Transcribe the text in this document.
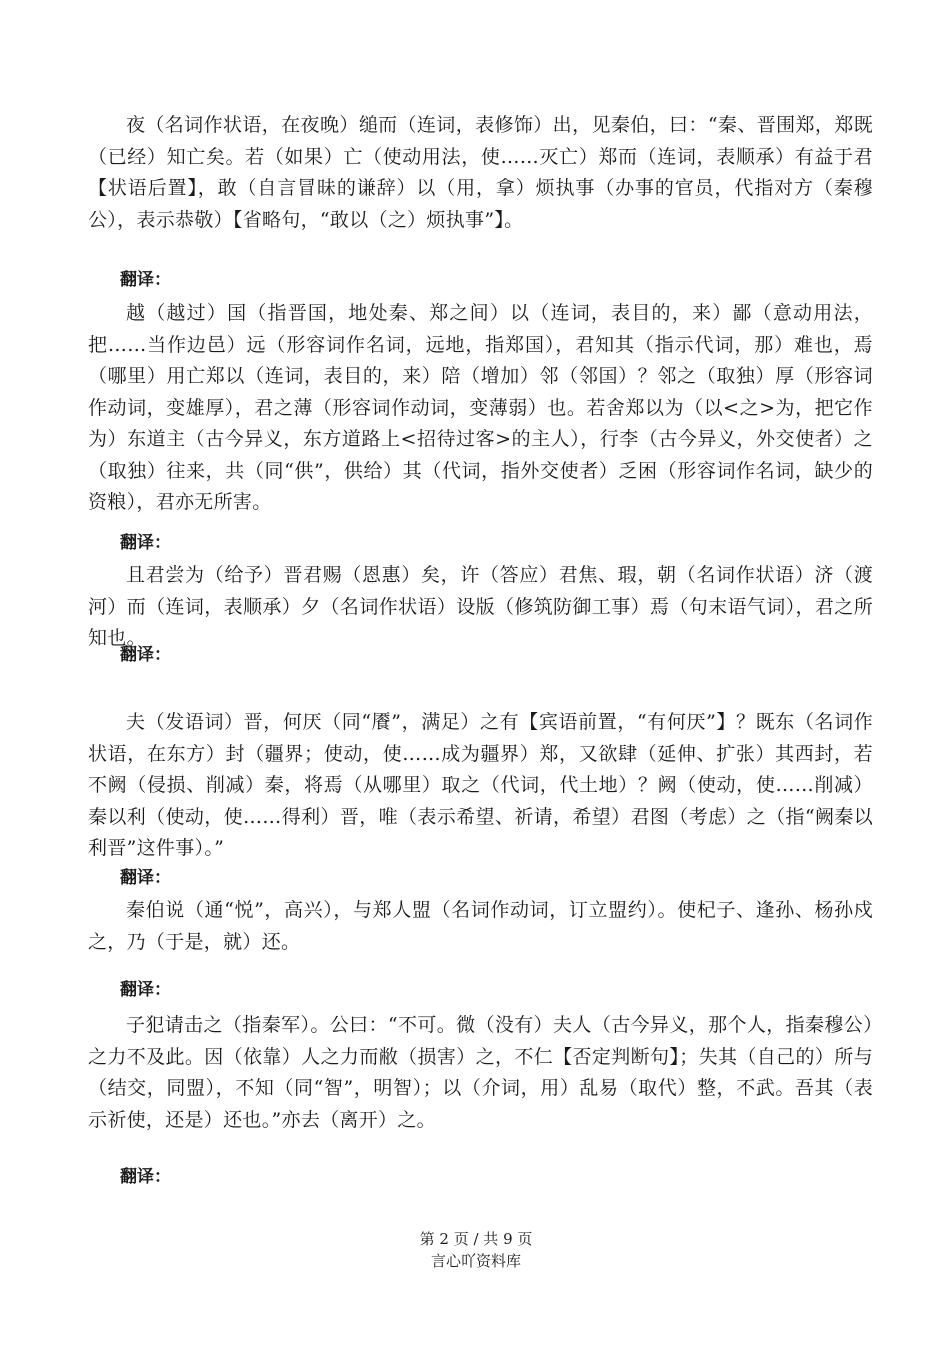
夜（名词作状语，在夜晚）缒而（连词，表修饰）出，见秦伯，曰：“秦、晋围郑，郑既（已经）知亡矣。若（如果）亡（使动用法，使……灭亡）郑而（连词，表顺承）有益于君【状语后置】，敢（自言冒昧的谦辞）以（用，拿）烦执事（办事的官员，代指对方（秦穆公），表示恭敬）【省略句，“敢以（之）烦执事”】。

翻译：

越（越过）国（指晋国，地处秦、郑之间）以（连词，表目的，来）鄙（意动用法，把……当作边邑）远（形容词作名词，远地，指郑国），君知其（指示代词，那）难也，焉（哪里）用亡郑以（连词，表目的，来）陪（增加）邻（邻国）？邻之（取独）厚（形容词作动词，变雄厚），君之薄（形容词作动词，变薄弱）也。若舍郑以为（以<之>为，把它作为）东道主（古今异义，东方道路上<招待过客>的主人），行李（古今异义，外交使者）之（取独）往来，共（同“供”，供给）其（代词，指外交使者）乏困（形容词作名词，缺少的资粮），君亦无所害。

翻译：

且君尝为（给予）晋君赐（恩惠）矣，许（答应）君焦、瑕，朝（名词作状语）济（渡河）而（连词，表顺承）夕（名词作状语）设版（修筑防御工事）焉（句末语气词），君之所知也。

翻译：

夫（发语词）晋，何厌（同“餍”，满足）之有【宾语前置，“有何厌”】？既东（名词作状语，在东方）封（疆界；使动，使……成为疆界）郑，又欲肆（延伸、扩张）其西封，若不阙（侵损、削减）秦，将焉（从哪里）取之（代词，代土地）？阙（使动，使……削减）秦以利（使动，使……得利）晋，唯（表示希望、祈请，希望）君图（考虑）之（指“阙秦以利晋”这件事）。”

翻译：

秦伯说（通“悦”，高兴），与郑人盟（名词作动词，订立盟约）。使杞子、逢孙、杨孙戍之，乃（于是，就）还。

翻译：

子犯请击之（指秦军）。公曰：“不可。微（没有）夫人（古今异义，那个人，指秦穆公）之力不及此。因（依靠）人之力而敝（损害）之，不仁【否定判断句】；失其（自己的）所与（结交，同盟），不知（同“智”，明智）；以（介词，用）乱易（取代）整，不武。吾其（表示祈使，还是）还也。”亦去（离开）之。

翻译：
第 2 页 / 共 9 页
言心吖资料库
